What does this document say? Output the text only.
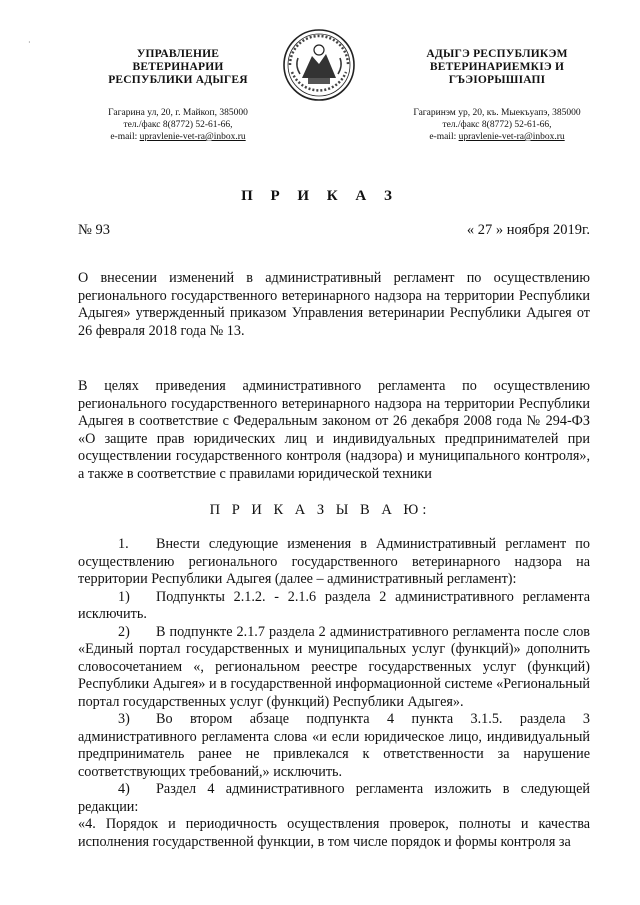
·
УПРАВЛЕНИЕ
ВЕТЕРИНАРИИ
РЕСПУБЛИКИ АДЫГЕЯ
Гагарина ул, 20, г. Майкоп, 385000
тел./факс 8(8772) 52-61-66,
e-mail: upravlenie-vet-ra@inbox.ru
АДЫГЭ РЕСПУБЛИКЭМ
ВЕТЕРИНАРИЕМКIЭ И
ГЪЭIОРЫШIАПI
Гагаринэм ур, 20, къ. Мыекъуапэ, 385000
тел./факс 8(8772) 52-61-66,
e-mail: upravlenie-vet-ra@inbox.ru
П Р И К А З
№ 93	« 27 » ноября 2019г.
О внесении изменений в административный регламент по осуществлению регионального государственного ветеринарного надзора на территории Республики Адыгея» утвержденный приказом Управления ветеринарии Республики Адыгея от 26 февраля 2018 года № 13.
В целях приведения административного регламента по осуществлению регионального государственного ветеринарного надзора на территории Республики Адыгея в соответствие с Федеральным законом от 26 декабря 2008 года № 294-ФЗ «О защите прав юридических лиц и индивидуальных предпринимателей при осуществлении государственного контроля (надзора) и муниципального контроля», а также в соответствие с правилами юридической техники
П Р И К А З Ы В А Ю:

1. Внести следующие изменения в Административный регламент по осуществлению регионального государственного ветеринарного надзора на территории Республики Адыгея (далее – административный регламент):

1) Подпункты 2.1.2. - 2.1.6 раздела 2 административного регламента исключить.

2) В подпункте 2.1.7 раздела 2 административного регламента после слов «Единый портал государственных и муниципальных услуг (функций)» дополнить словосочетанием «, региональном реестре государственных услуг (функций) Республики Адыгея» и в государственной информационной системе «Региональный портал государственных услуг (функций) Республики Адыгея».

3) Во втором абзаце подпункта 4 пункта 3.1.5. раздела 3 административного регламента слова «и если юридическое лицо, индивидуальный предприниматель ранее не привлекался к ответственности за нарушение соответствующих требований,» исключить.

4) Раздел 4 административного регламента изложить в следующей редакции:

«4. Порядок и периодичность осуществления проверок, полноты и качества исполнения государственной функции, в том числе порядок и формы контроля за
